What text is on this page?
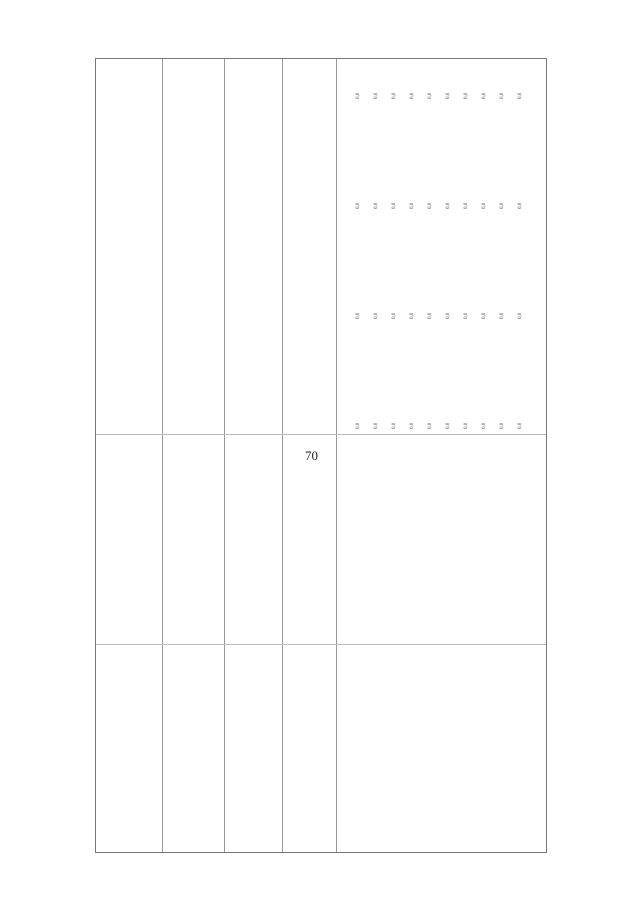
70
0,0
0,0
0,0
0,0
0,0
0,0
0,0
0,0
0,0
0,0
0,0
0,0
0,0
0,0
0,0
0,0
0,0
0,0
0,0
0,0
0,0
0,0
0,0
0,0
0,0
0,0
0,0
0,0
0,0
0,0
0,0
0,0
0,0
0,0
0,0
0,0
0,0
0,0
0,0
0,0
